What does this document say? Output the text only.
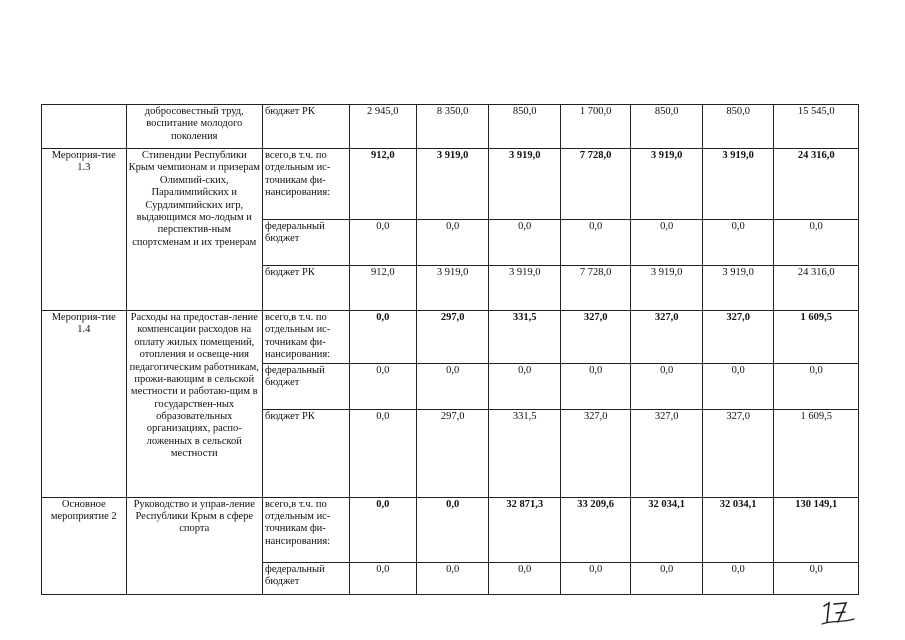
	добросовестный труд, воспитание молодого поколения	бюджет РК	2 945,0	8 350,0	850,0	1 700,0	850,0	850,0	15 545,0
Мероприя-тие 1.3	Стипендии Республики Крым чемпионам и призерам Олимпий-ских, Паралимпийских и Сурдлимпийских игр, выдающимся мо-лодым и перспектив-ным спортсменам и их тренерам	всего,в т.ч. по отдельным ис-точникам фи-нансирования:	912,0	3 919,0	3 919,0	7 728,0	3 919,0	3 919,0	24 316,0
		федеральный бюджет	0,0	0,0	0,0	0,0	0,0	0,0	0,0
		бюджет РК	912,0	3 919,0	3 919,0	7 728,0	3 919,0	3 919,0	24 316,0
Мероприя-тие 1.4	Расходы на предостав-ление компенсации расходов на оплату жилых помещений, отопления и освеще-ния педагогическим работникам, прожи-вающим в сельской местности и работаю-щим в государствен-ных образовательных организациях, распо-ложенных в сельской местности	всего,в т.ч. по отдельным ис-точникам фи-нансирования:	0,0	297,0	331,5	327,0	327,0	327,0	1 609,5
		федеральный бюджет	0,0	0,0	0,0	0,0	0,0	0,0	0,0
		бюджет РК	0,0	297,0	331,5	327,0	327,0	327,0	1 609,5
Основное мероприятие 2	Руководство и управ-ление Республики Крым в сфере спорта	всего,в т.ч. по отдельным ис-точникам фи-нансирования:	0,0	0,0	32 871,3	33 209,6	32 034,1	32 034,1	130 149,1
		федеральный бюджет	0,0	0,0	0,0	0,0	0,0	0,0	0,0
